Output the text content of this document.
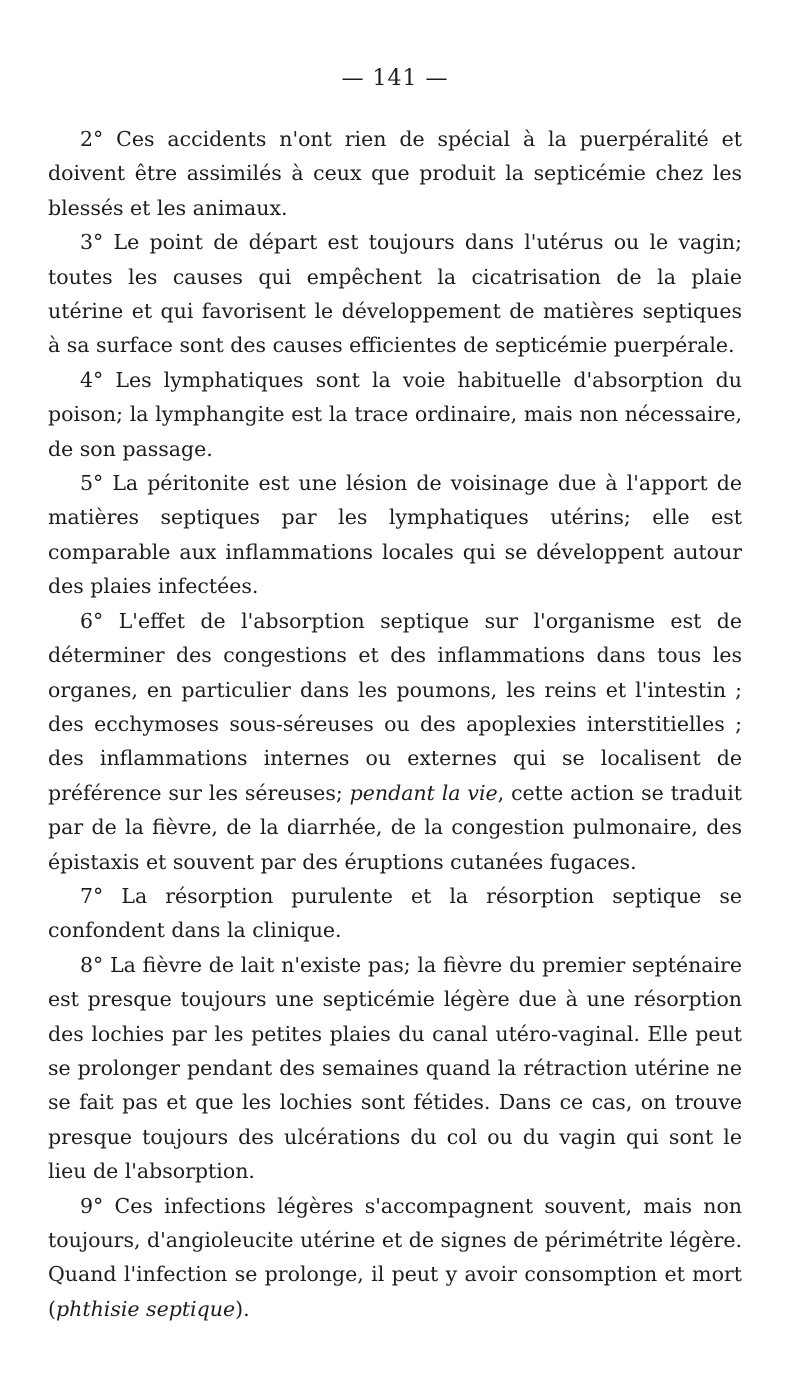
— 141 —

2° Ces accidents n'ont rien de spécial à la puerpéralité et doivent être assimilés à ceux que produit la septicémie chez les blessés et les animaux.

3° Le point de départ est toujours dans l'utérus ou le vagin; toutes les causes qui empêchent la cicatrisation de la plaie utérine et qui favorisent le développement de matières septiques à sa surface sont des causes efficientes de septicémie puerpérale.

4° Les lymphatiques sont la voie habituelle d'absorption du poison; la lymphangite est la trace ordinaire, mais non nécessaire, de son passage.

5° La péritonite est une lésion de voisinage due à l'apport de matières septiques par les lymphatiques utérins; elle est comparable aux inflammations locales qui se développent autour des plaies infectées.

6° L'effet de l'absorption septique sur l'organisme est de déterminer des congestions et des inflammations dans tous les organes, en particulier dans les poumons, les reins et l'intestin ; des ecchymoses sous-séreuses ou des apoplexies interstitielles ; des inflammations internes ou externes qui se localisent de préférence sur les séreuses; pendant la vie, cette action se traduit par de la fièvre, de la diarrhée, de la congestion pulmonaire, des épistaxis et souvent par des éruptions cutanées fugaces.

7° La résorption purulente et la résorption septique se confondent dans la clinique.

8° La fièvre de lait n'existe pas; la fièvre du premier septénaire est presque toujours une septicémie légère due à une résorption des lochies par les petites plaies du canal utéro-vaginal. Elle peut se prolonger pendant des semaines quand la rétraction utérine ne se fait pas et que les lochies sont fétides. Dans ce cas, on trouve presque toujours des ulcérations du col ou du vagin qui sont le lieu de l'absorption.

9° Ces infections légères s'accompagnent souvent, mais non toujours, d'angioleucite utérine et de signes de périmétrite légère. Quand l'infection se prolonge, il peut y avoir consomption et mort (phthisie septique).
